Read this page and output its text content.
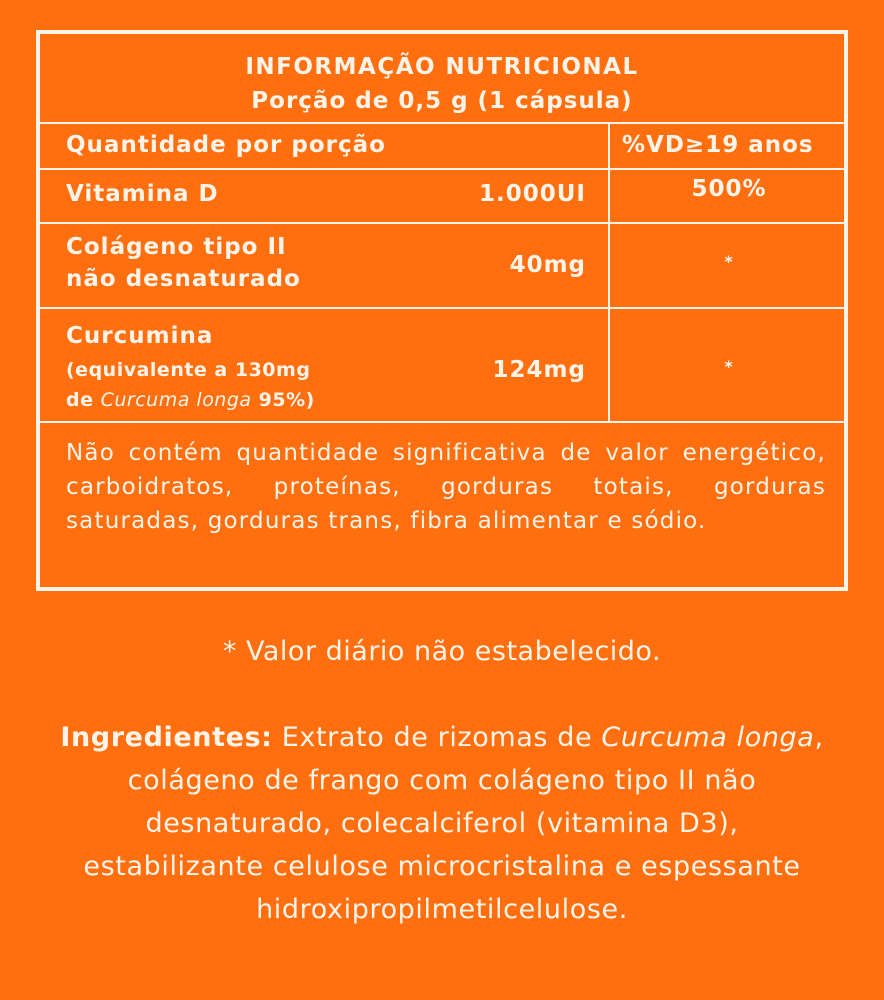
INFORMAÇÃO NUTRICIONAL
Porção de 0,5 g (1 cápsula)
Quantidade por porção	%VD≥19 anos
Vitamina D	1.000UI	500%
Colágeno tipo II
não desnaturado
40mg	*
Curcumina
(equivalente a 130mg
de Curcuma longa 95%)
124mg	*
Não contém quantidade significativa de valor energético, carboidratos, proteínas, gorduras totais, gorduras saturadas, gorduras trans, fibra alimentar e sódio.
* Valor diário não estabelecido.
Ingredientes: Extrato de rizomas de Curcuma longa, colágeno de frango com colágeno tipo II não desnaturado, colecalciferol (vitamina D3), estabilizante celulose microcristalina e espessante hidroxipropilmetilcelulose.
